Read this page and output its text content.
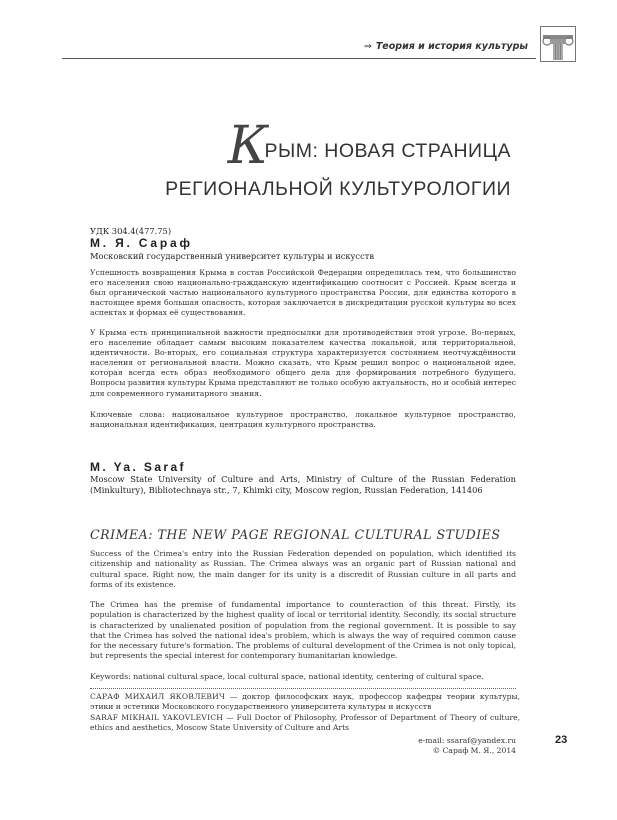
⇒ Теория и история культуры
КРЫМ: НОВАЯ СТРАНИЦА
РЕГИОНАЛЬНОЙ КУЛЬТУРОЛОГИИ
УДК 304.4(477.75)
М. Я. Сараф
Московский государственный университет культуры и искусств

Успешность возвращения Крыма в состав Российской Федерации определилась тем, что большинство его населения свою национально-гражданскую идентификацию соотносит с Россией. Крым всегда и был органической частью национального культурного пространства России, для единства которого в настоящее время большая опасность, которая заключается в дискредитации русской культуры во всех аспектах и формах её существования.

У Крыма есть принципиальной важности предпосылки для противодействия этой угрозе. Во-первых, его население обладает самым высоким показателем качества локальной, или территориальной, идентичности. Во-вторых, его социальная структура характеризуется состоянием неотчуждённости населения от региональной власти. Можно сказать, что Крым решил вопрос о национальной идее, которая всегда есть образ необходимого общего дела для формирования потребного будущего. Вопросы развития культуры Крыма представляют не только особую актуальность, но и особый интерес для современного гуманитарного знания.

Ключевые слова: национальное культурное пространство, локальное культурное пространство, национальная идентификация, центрация культурного пространства.

M. Ya. Saraf

Moscow State University of Culture and Arts, Ministry of Culture of the Russian Federation (Minkultury), Bibliotechnaya str., 7, Khimki city, Moscow region, Russian Federation, 141406

CRIMEA: THE NEW PAGE REGIONAL CULTURAL STUDIES

Success of the Crimea's entry into the Russian Federation depended on population, which identified its citizenship and nationality as Russian. The Crimea always was an organic part of Russian national and cultural space. Right now, the main danger for its unity is a discredit of Russian culture in all parts and forms of its existence.

The Crimea has the premise of fundamental importance to counteraction of this threat. Firstly, its population is characterized by the highest quality of local or territorial identity. Secondly, its social structure is characterized by unalienated position of population from the regional government. It is possible to say that the Crimea has solved the national idea's problem, which is always the way of required common cause for the necessary future's formation. The problems of cultural development of the Crimea is not only topical, but represents the special interest for contemporary humanitarian knowledge.

Keywords: national cultural space, local cultural space, national identity, centering of cultural space.

САРАФ МИХАИЛ ЯКОВЛЕВИЧ — доктор философских наук, профессор кафедры теории культуры, этики и эстетики Московского государственного университета культуры и искусств

SARAF MIKHAIL YAKOVLEVICH — Full Doctor of Philosophy, Professor of Department of Theory of culture, ethics and aesthetics, Moscow State University of Culture and Arts

e-mail: ssaraf@yandex.ru
© Сараф М. Я., 2014
23
